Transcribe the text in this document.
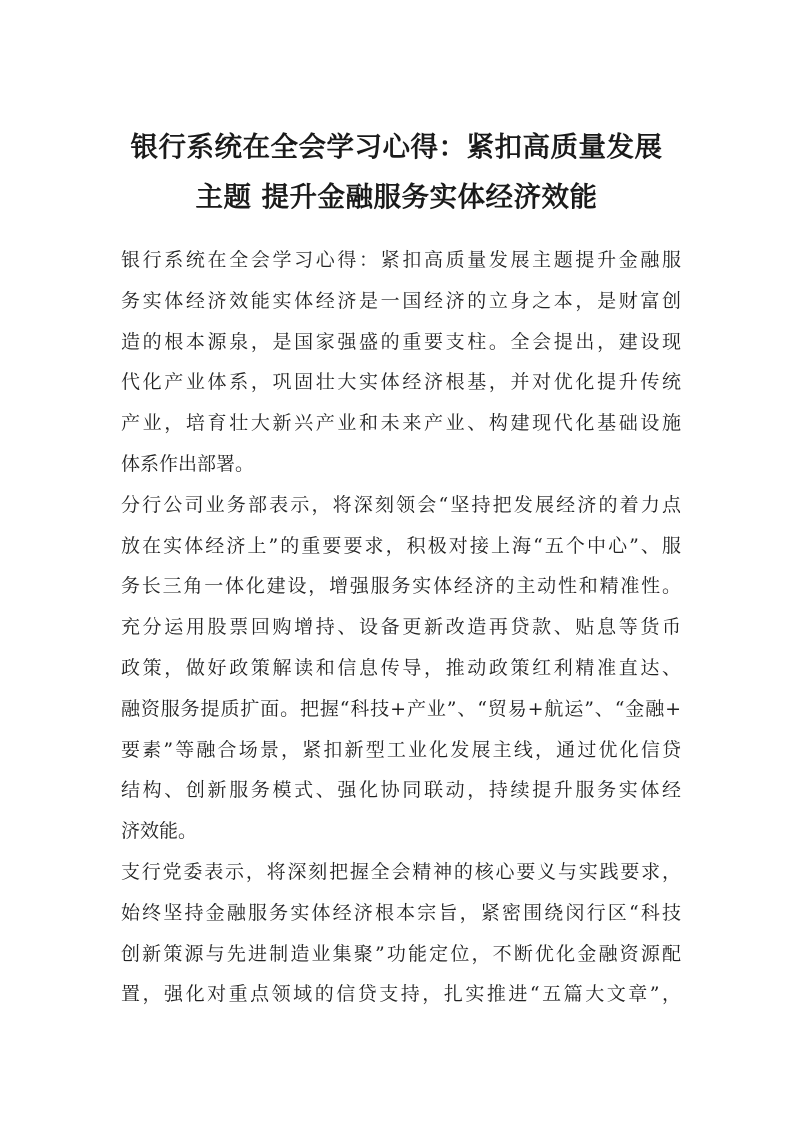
银行系统在全会学习心得：紧扣高质量发展
主题 提升金融服务实体经济效能

银行系统在全会学习心得：紧扣高质量发展主题提升金融服
务实体经济效能实体经济是一国经济的立身之本，是财富创
造的根本源泉，是国家强盛的重要支柱。全会提出，建设现
代化产业体系，巩固壮大实体经济根基，并对优化提升传统
产业，培育壮大新兴产业和未来产业、构建现代化基础设施
体系作出部署。

分行公司业务部表示，将深刻领会“坚持把发展经济的着力点
放在实体经济上”的重要要求，积极对接上海“五个中心”、服
务长三角一体化建设，增强服务实体经济的主动性和精准性。
充分运用股票回购增持、设备更新改造再贷款、贴息等货币
政策，做好政策解读和信息传导，推动政策红利精准直达、
融资服务提质扩面。把握“科技+产业”、“贸易+航运”、“金融+
要素”等融合场景，紧扣新型工业化发展主线，通过优化信贷
结构、创新服务模式、强化协同联动，持续提升服务实体经
济效能。

支行党委表示，将深刻把握全会精神的核心要义与实践要求，
始终坚持金融服务实体经济根本宗旨，紧密围绕闵行区“科技
创新策源与先进制造业集聚”功能定位，不断优化金融资源配
置，强化对重点领域的信贷支持，扎实推进“五篇大文章”，
